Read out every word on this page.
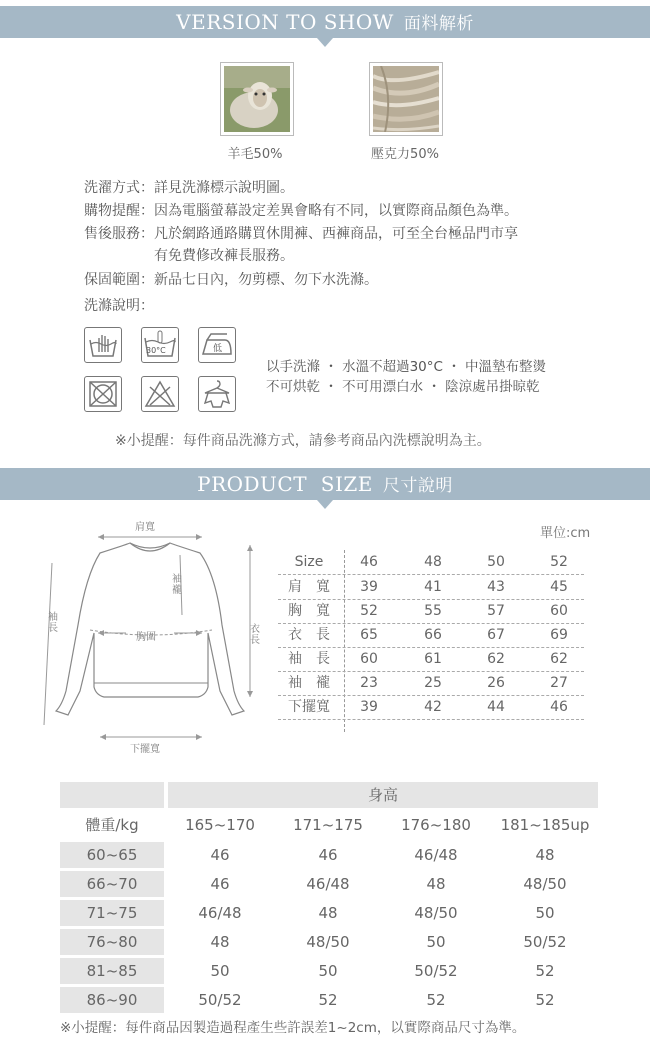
VERSION TO SHOW 面料解析
羊毛50%	壓克力50%
洗濯方式：詳見洗滌標示說明圖。
購物提醒：因為電腦螢幕設定差異會略有不同，以實際商品顏色為準。
售後服務：凡於網路通路購買休閒褲、西褲商品，可至全台極品門市享
有免費修改褲長服務。
保固範圍：新品七日內，勿剪標、勿下水洗滌。
洗滌說明：
30°C	低
以手洗滌 ・ 水溫不超過30°C ・ 中溫墊布整燙
不可烘乾 ・ 不可用漂白水 ・ 陰涼處吊掛晾乾
※小提醒：每件商品洗滌方式，請參考商品內洗標說明為主。
PRODUCT  SIZE 尺寸說明
單位:cm
肩寬
袖襱
袖長
胸圍
衣長
下擺寬
Size	46	48	50	52
肩　寬	39	41	43	45
胸　寬	52	55	57	60
衣　長	65	66	67	69
袖　長	60	61	62	62
袖　襱	23	25	26	27
下擺寬	39	42	44	46
身高
體重/kg	165~170	171~175	176~180	181~185up
60~65	46	46	46/48	48
66~70	46	46/48	48	48/50
71~75	46/48	48	48/50	50
76~80	48	48/50	50	50/52
81~85	50	50	50/52	52
86~90	50/52	52	52	52
※小提醒：每件商品因製造過程產生些許誤差1~2cm，以實際商品尺寸為準。
